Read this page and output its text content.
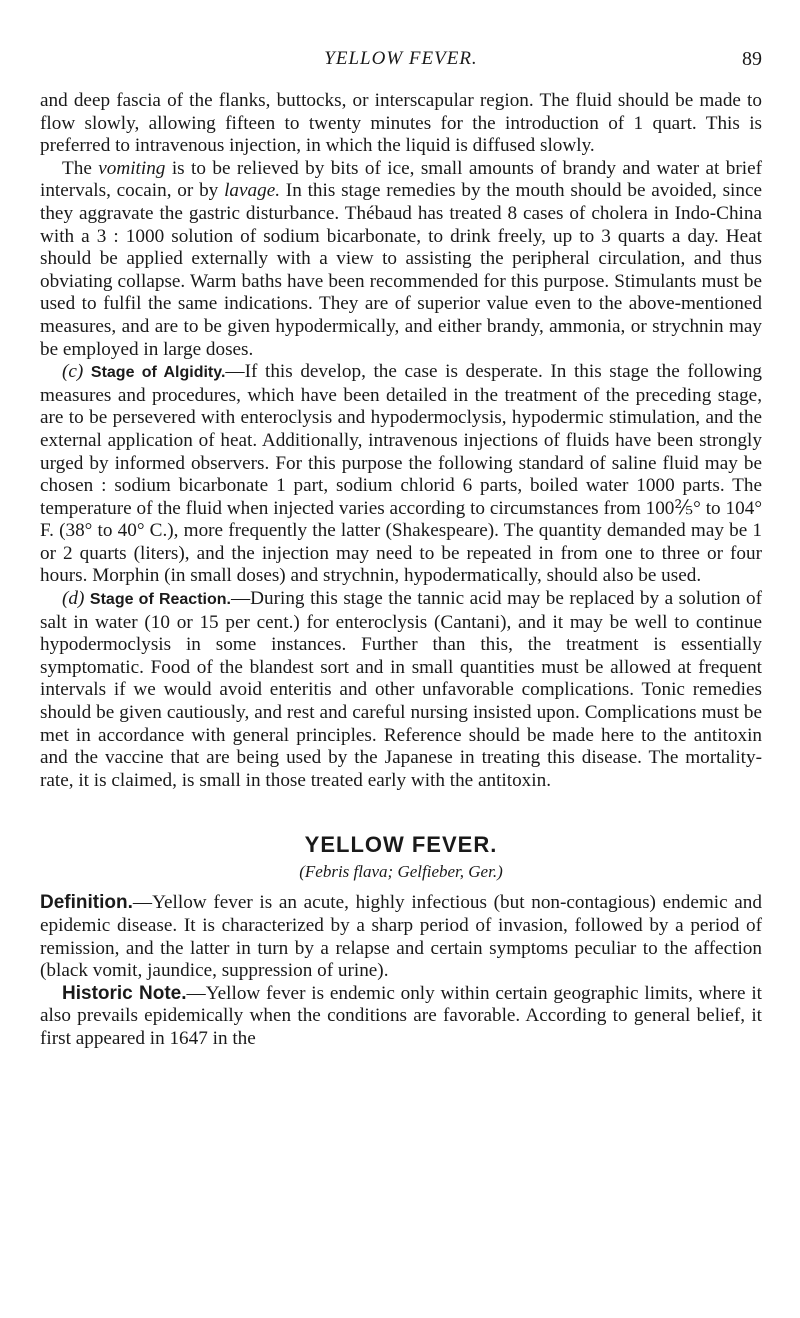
YELLOW FEVER.	89

and deep fascia of the flanks, buttocks, or interscapular region. The fluid should be made to flow slowly, allowing fifteen to twenty minutes for the introduction of 1 quart. This is preferred to intravenous injection, in which the liquid is diffused slowly.

The vomiting is to be relieved by bits of ice, small amounts of brandy and water at brief intervals, cocain, or by lavage. In this stage remedies by the mouth should be avoided, since they aggravate the gastric disturbance. Thébaud has treated 8 cases of cholera in Indo-China with a 3 : 1000 solution of sodium bicarbonate, to drink freely, up to 3 quarts a day. Heat should be applied externally with a view to assisting the peripheral circulation, and thus obviating collapse. Warm baths have been recommended for this purpose. Stimulants must be used to fulfil the same indications. They are of superior value even to the above-mentioned measures, and are to be given hypodermically, and either brandy, ammonia, or strychnin may be employed in large doses.

(c) Stage of Algidity.—If this develop, the case is desperate. In this stage the following measures and procedures, which have been detailed in the treatment of the preceding stage, are to be persevered with enteroclysis and hypodermoclysis, hypodermic stimulation, and the external application of heat. Additionally, intravenous injections of fluids have been strongly urged by informed observers. For this purpose the following standard of saline fluid may be chosen : sodium bicarbonate 1 part, sodium chlorid 6 parts, boiled water 1000 parts. The temperature of the fluid when injected varies according to circumstances from 100⅖° to 104° F. (38° to 40° C.), more frequently the latter (Shakespeare). The quantity demanded may be 1 or 2 quarts (liters), and the injection may need to be repeated in from one to three or four hours. Morphin (in small doses) and strychnin, hypodermatically, should also be used.

(d) Stage of Reaction.—During this stage the tannic acid may be replaced by a solution of salt in water (10 or 15 per cent.) for enteroclysis (Cantani), and it may be well to continue hypodermoclysis in some instances. Further than this, the treatment is essentially symptomatic. Food of the blandest sort and in small quantities must be allowed at frequent intervals if we would avoid enteritis and other unfavorable complications. Tonic remedies should be given cautiously, and rest and careful nursing insisted upon. Complications must be met in accordance with general principles. Reference should be made here to the antitoxin and the vaccine that are being used by the Japanese in treating this disease. The mortality-rate, it is claimed, is small in those treated early with the antitoxin.

YELLOW FEVER.
(Febris flava; Gelfieber, Ger.)

Definition.—Yellow fever is an acute, highly infectious (but non-contagious) endemic and epidemic disease. It is characterized by a sharp period of invasion, followed by a period of remission, and the latter in turn by a relapse and certain symptoms peculiar to the affection (black vomit, jaundice, suppression of urine).

Historic Note.—Yellow fever is endemic only within certain geographic limits, where it also prevails epidemically when the conditions are favorable. According to general belief, it first appeared in 1647 in the
